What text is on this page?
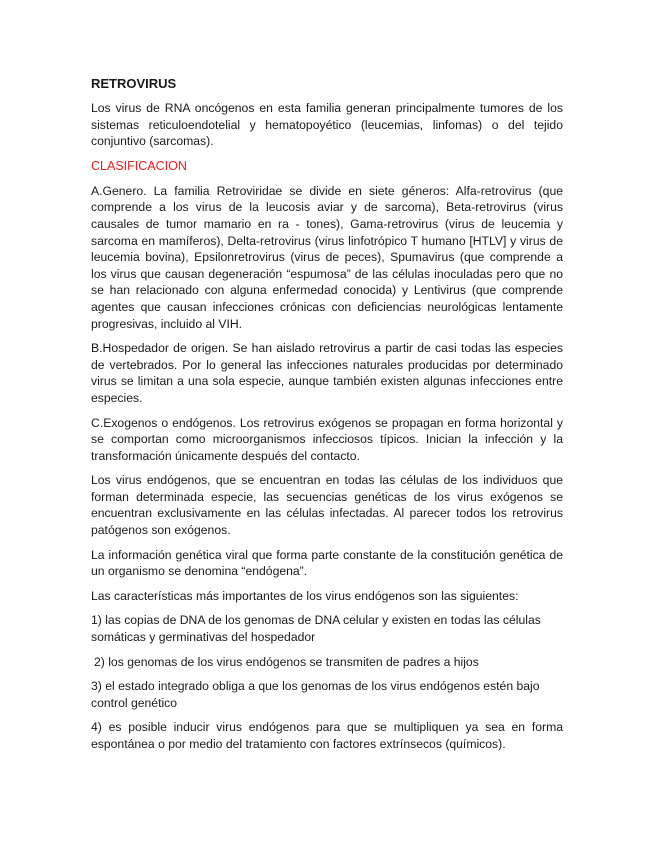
RETROVIRUS

Los virus de RNA oncógenos en esta familia generan principalmente tumores de los sistemas reticuloendotelial y hematopoyético (leucemias, linfomas) o del tejido conjuntivo (sarcomas).

CLASIFICACION

A.Genero. La familia Retroviridae se divide en siete géneros: Alfa-retrovirus (que comprende a los virus de la leucosis aviar y de sarcoma), Beta-retrovirus (virus causales de tumor mamario en ra - tones), Gama-retrovirus (virus de leucemia y sarcoma en mamíferos), Delta-retrovirus (virus linfotrópico T humano [HTLV] y virus de leucemia bovina), Epsilonretrovirus (virus de peces), Spumavirus (que comprende a los virus que causan degeneración “espumosa” de las células inoculadas pero que no se han relacionado con alguna enfermedad conocida) y Lentivirus (que comprende agentes que causan infecciones crónicas con deficiencias neurológicas lentamente progresivas, incluido al VIH.

B.Hospedador de origen. Se han aislado retrovirus a partir de casi todas las especies de vertebrados. Por lo general las infecciones naturales producidas por determinado virus se limitan a una sola especie, aunque también existen algunas infecciones entre especies.

C.Exogenos o endógenos. Los retrovirus exógenos se propagan en forma horizontal y se comportan como microorganismos infecciosos típicos. Inician la infección y la transformación únicamente después del contacto.

Los virus endógenos, que se encuentran en todas las células de los individuos que forman determinada especie, las secuencias genéticas de los virus exógenos se encuentran exclusivamente en las células infectadas. Al parecer todos los retrovirus patógenos son exógenos.

La información genética viral que forma parte constante de la constitución genética de un organismo se denomina “endógena”.

Las características más importantes de los virus endógenos son las siguientes:

1) las copias de DNA de los genomas de DNA celular y existen en todas las células somáticas y germinativas del hospedador

2) los genomas de los virus endógenos se transmiten de padres a hijos

3) el estado integrado obliga a que los genomas de los virus endógenos estén bajo control genético

4) es posible inducir virus endógenos para que se multipliquen ya sea en forma espontánea o por medio del tratamiento con factores extrínsecos (químicos).
